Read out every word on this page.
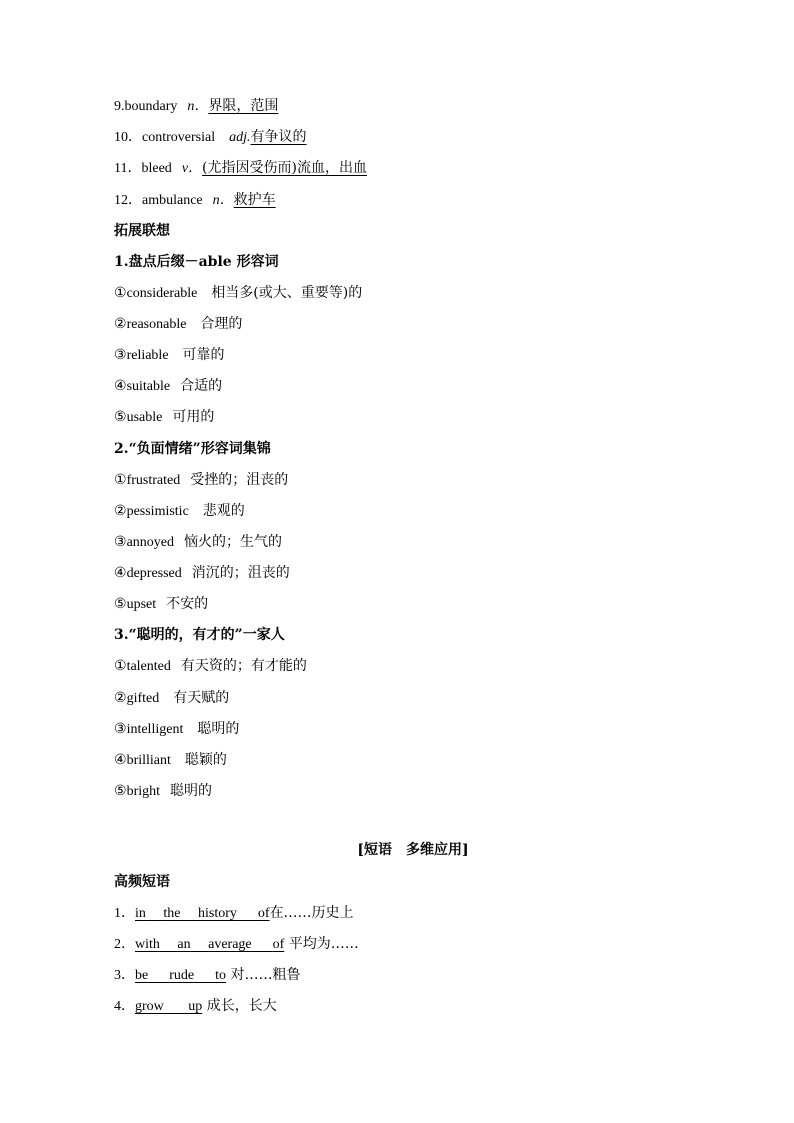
9.boundary n．界限，范围
10．controversial adj.有争议的
11．bleed v．(尤指因受伤而)流血，出血
12．ambulance n．救护车
拓展联想
1.盘点后缀－able 形容词
①considerable 相当多(或大、重要等)的
②reasonable 合理的
③reliable 可靠的
④suitable 合适的
⑤usable 可用的
2.“负面情绪”形容词集锦
①frustrated 受挫的；沮丧的
②pessimistic 悲观的
③annoyed 恼火的；生气的
④depressed 消沉的；沮丧的
⑤upset 不安的
3.“聪明的，有才的”一家人
①talented 有天资的；有才能的
②gifted 有天赋的
③intelligent 聪明的
④brilliant 聪颖的
⑤bright 聪明的
[短语　多维应用]
高频短语
1．in the history of在……历史上
2．with an average of 平均为……
3．be rude to 对……粗鲁
4．grow up 成长，长大
